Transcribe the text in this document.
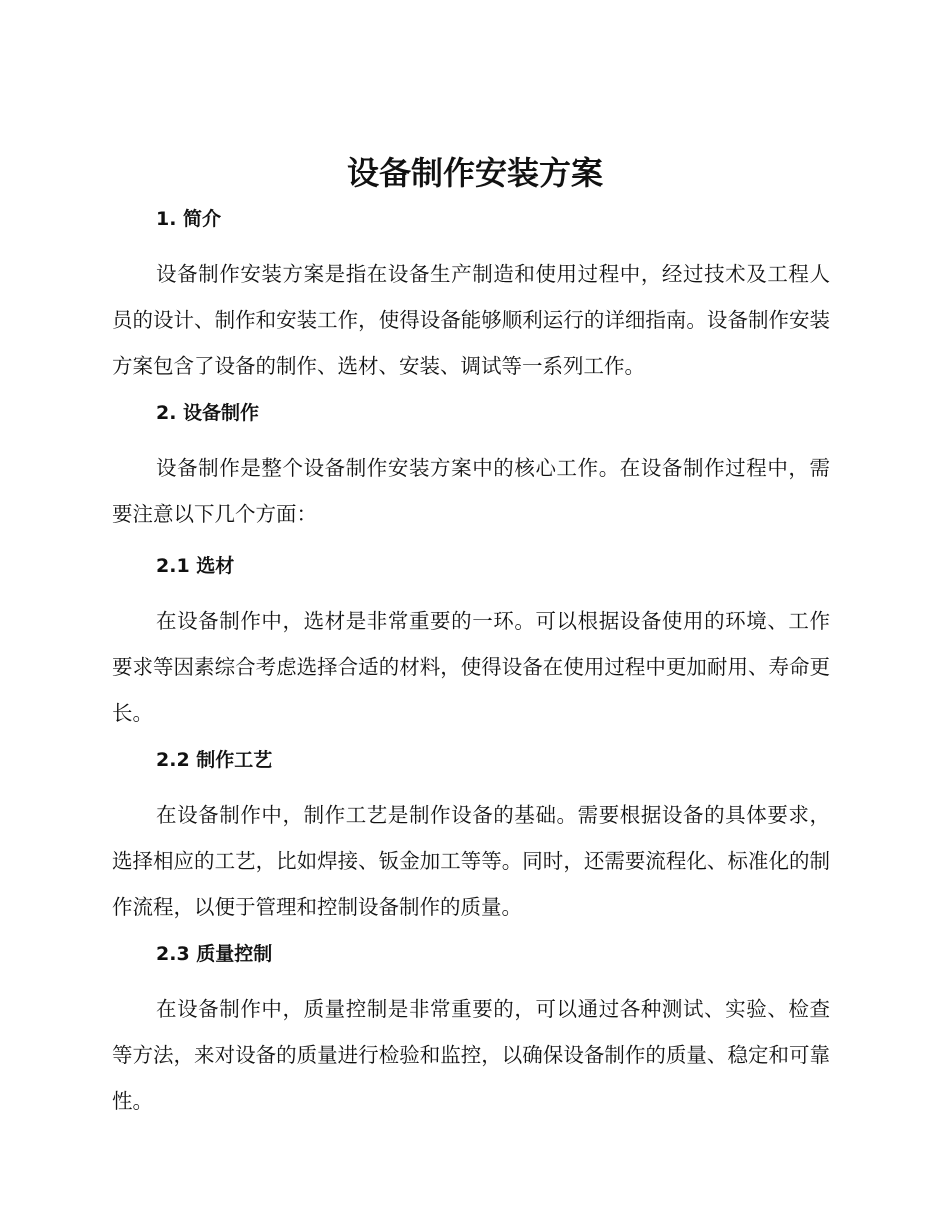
设备制作安装方案
1. 简介

设备制作安装方案是指在设备生产制造和使用过程中，经过技术及工程人员的设计、制作和安装工作，使得设备能够顺利运行的详细指南。设备制作安装方案包含了设备的制作、选材、安装、调试等一系列工作。

2. 设备制作

设备制作是整个设备制作安装方案中的核心工作。在设备制作过程中，需要注意以下几个方面：

2.1 选材

在设备制作中，选材是非常重要的一环。可以根据设备使用的环境、工作要求等因素综合考虑选择合适的材料，使得设备在使用过程中更加耐用、寿命更长。

2.2 制作工艺

在设备制作中，制作工艺是制作设备的基础。需要根据设备的具体要求，选择相应的工艺，比如焊接、钣金加工等等。同时，还需要流程化、标准化的制作流程，以便于管理和控制设备制作的质量。

2.3 质量控制

在设备制作中，质量控制是非常重要的，可以通过各种测试、实验、检查等方法，来对设备的质量进行检验和监控，以确保设备制作的质量、稳定和可靠性。
